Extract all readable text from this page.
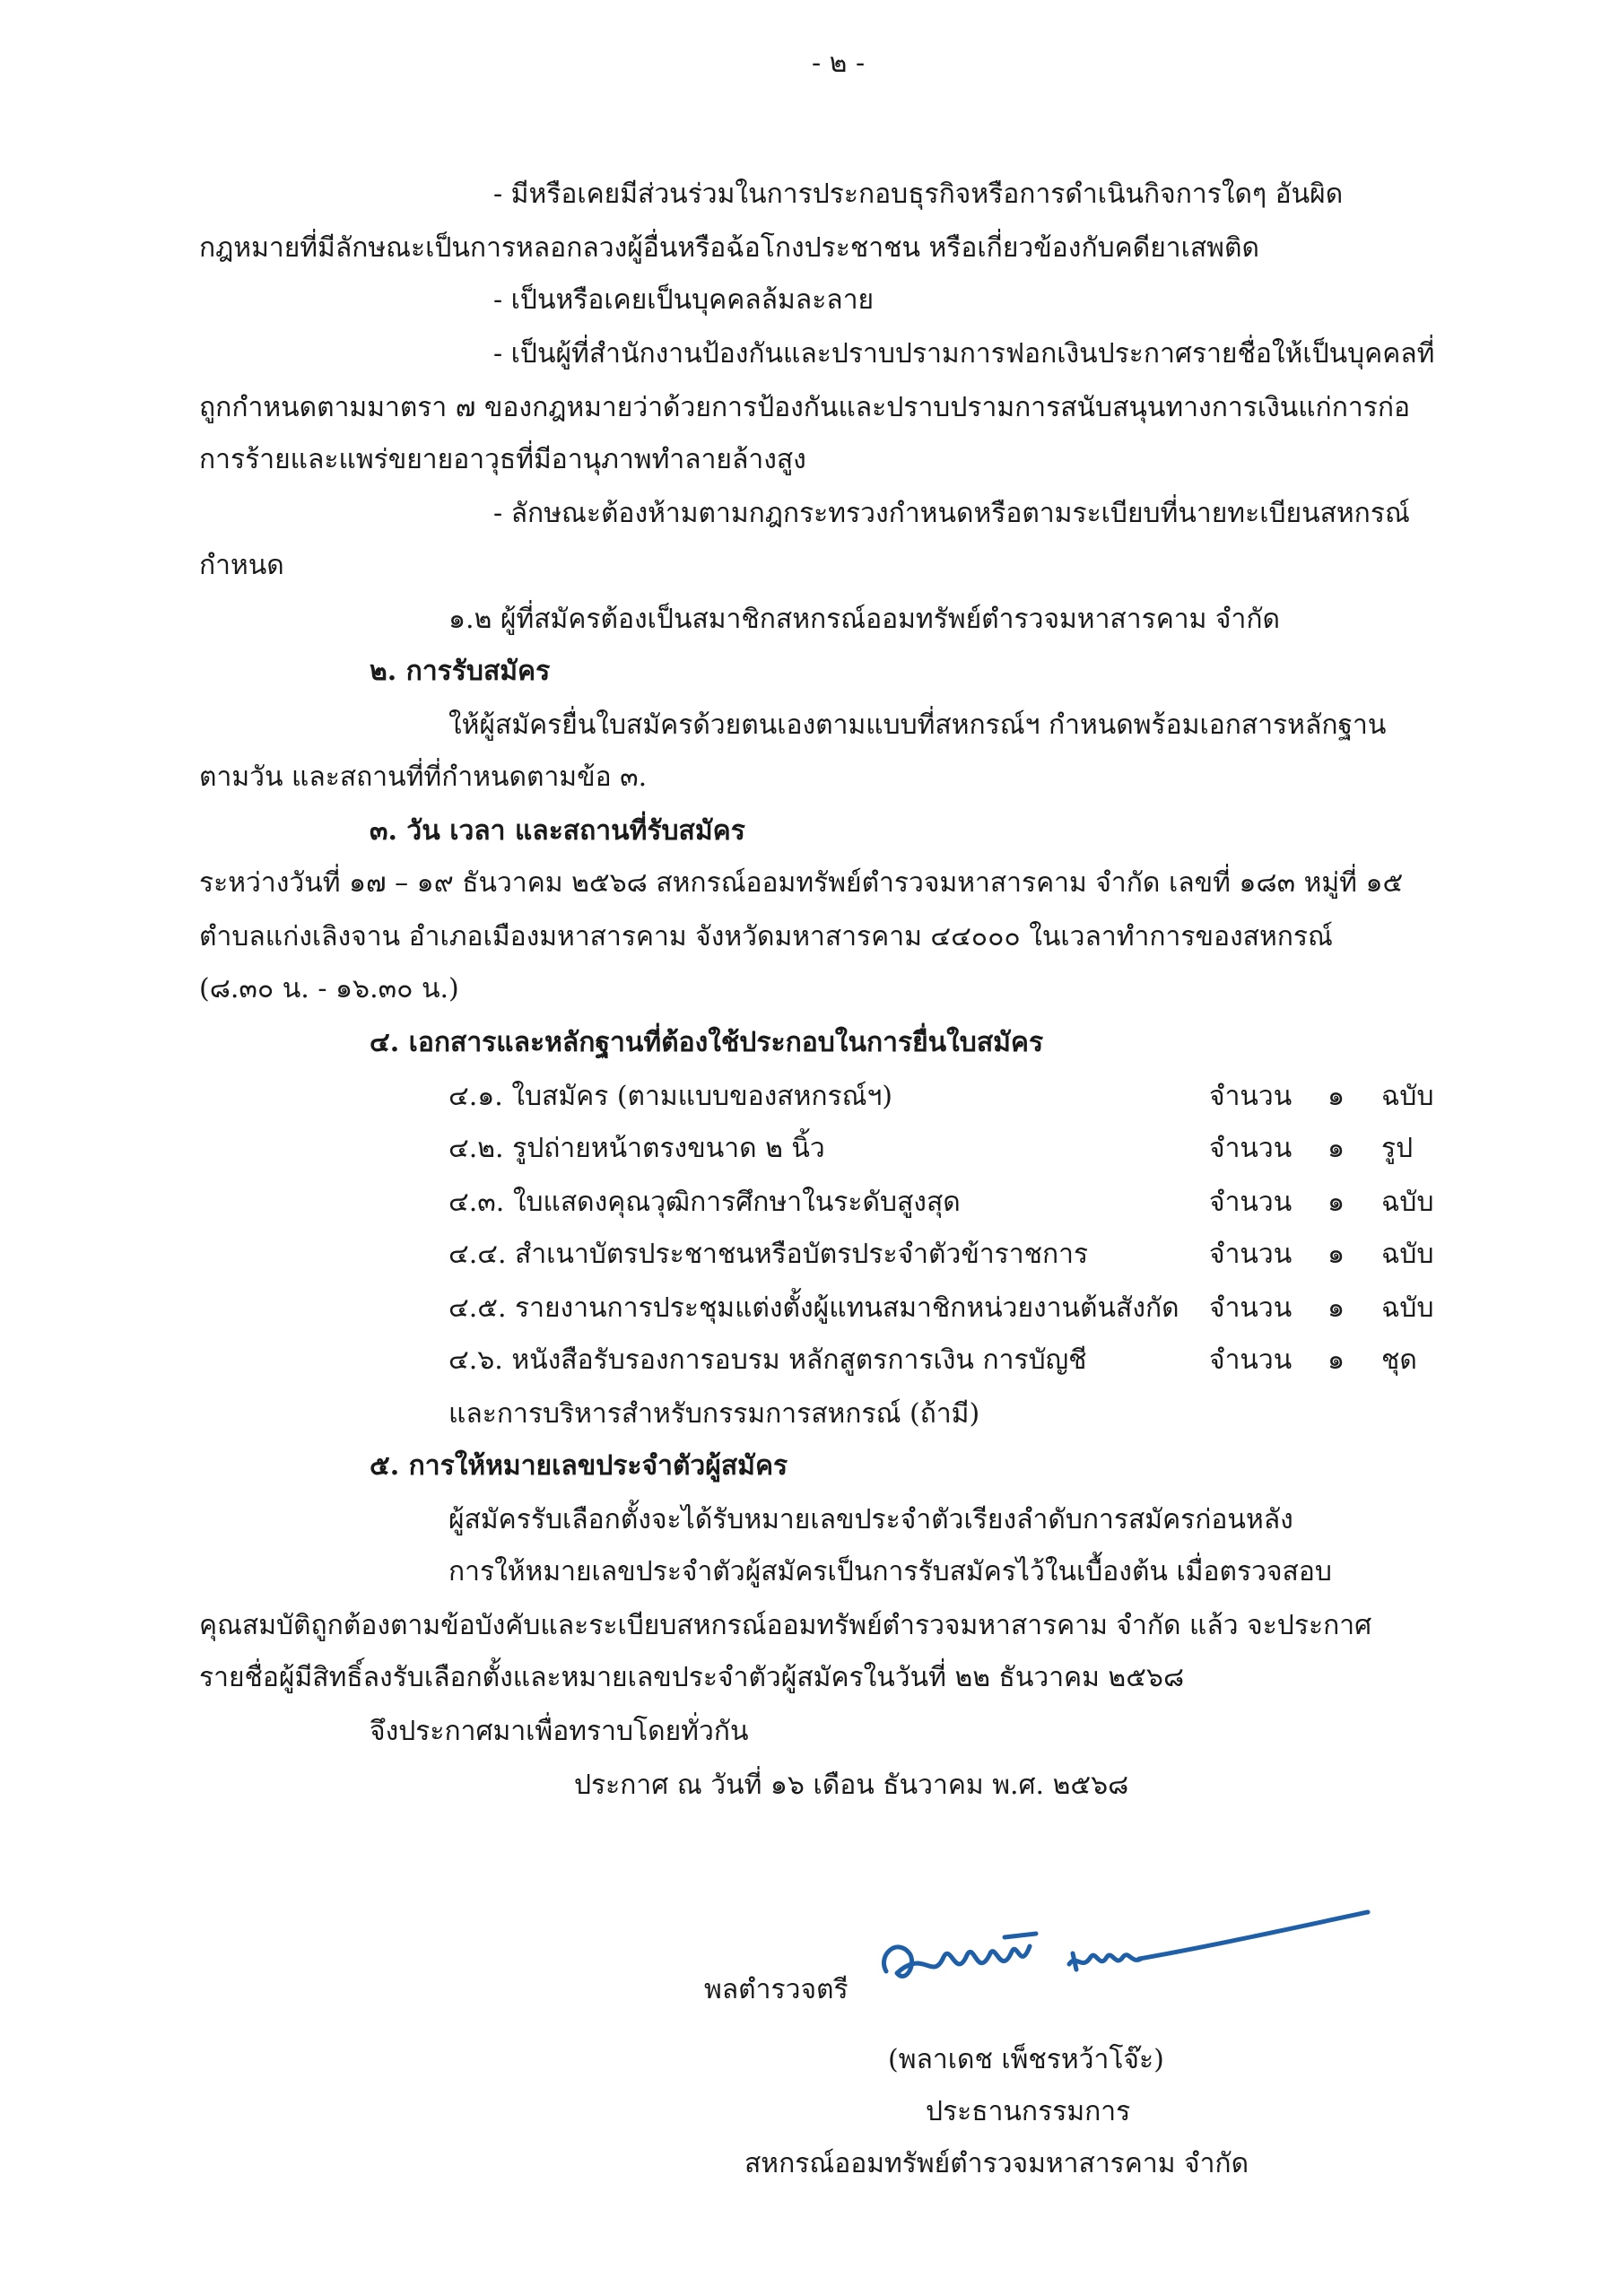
- ๒ -
- มีหรือเคยมีส่วนร่วมในการประกอบธุรกิจหรือการดำเนินกิจการใดๆ อันผิด
กฎหมายที่มีลักษณะเป็นการหลอกลวงผู้อื่นหรือฉ้อโกงประชาชน หรือเกี่ยวข้องกับคดียาเสพติด
- เป็นหรือเคยเป็นบุคคลล้มละลาย
- เป็นผู้ที่สำนักงานป้องกันและปราบปรามการฟอกเงินประกาศรายชื่อให้เป็นบุคคลที่
ถูกกำหนดตามมาตรา ๗ ของกฎหมายว่าด้วยการป้องกันและปราบปรามการสนับสนุนทางการเงินแก่การก่อ
การร้ายและแพร่ขยายอาวุธที่มีอานุภาพทำลายล้างสูง
- ลักษณะต้องห้ามตามกฎกระทรวงกำหนดหรือตามระเบียบที่นายทะเบียนสหกรณ์
กำหนด
๑.๒ ผู้ที่สมัครต้องเป็นสมาชิกสหกรณ์ออมทรัพย์ตำรวจมหาสารคาม จำกัด
๒. การรับสมัคร
ให้ผู้สมัครยื่นใบสมัครด้วยตนเองตามแบบที่สหกรณ์ฯ กำหนดพร้อมเอกสารหลักฐาน
ตามวัน และสถานที่ที่กำหนดตามข้อ ๓.
๓. วัน เวลา และสถานที่รับสมัคร
ระหว่างวันที่ ๑๗ – ๑๙ ธันวาคม ๒๕๖๘ สหกรณ์ออมทรัพย์ตำรวจมหาสารคาม จำกัด เลขที่ ๑๘๓ หมู่ที่ ๑๕
ตำบลแก่งเลิงจาน อำเภอเมืองมหาสารคาม จังหวัดมหาสารคาม ๔๔๐๐๐ ในเวลาทำการของสหกรณ์
(๘.๓๐ น. - ๑๖.๓๐ น.)
๔. เอกสารและหลักฐานที่ต้องใช้ประกอบในการยื่นใบสมัคร
๔.๑. ใบสมัคร (ตามแบบของสหกรณ์ฯ)	จำนวน ๑ ฉบับ
๔.๒. รูปถ่ายหน้าตรงขนาด ๒ นิ้ว	จำนวน ๑ รูป
๔.๓. ใบแสดงคุณวุฒิการศึกษาในระดับสูงสุด	จำนวน ๑ ฉบับ
๔.๔. สำเนาบัตรประชาชนหรือบัตรประจำตัวข้าราชการ	จำนวน ๑ ฉบับ
๔.๕. รายงานการประชุมแต่งตั้งผู้แทนสมาชิกหน่วยงานต้นสังกัด จำนวน ๑ ฉบับ
๔.๖. หนังสือรับรองการอบรม หลักสูตรการเงิน การบัญชี	จำนวน ๑ ชุด
และการบริหารสำหรับกรรมการสหกรณ์ (ถ้ามี)
๕. การให้หมายเลขประจำตัวผู้สมัคร
ผู้สมัครรับเลือกตั้งจะได้รับหมายเลขประจำตัวเรียงลำดับการสมัครก่อนหลัง
การให้หมายเลขประจำตัวผู้สมัครเป็นการรับสมัครไว้ในเบื้องต้น เมื่อตรวจสอบ
คุณสมบัติถูกต้องตามข้อบังคับและระเบียบสหกรณ์ออมทรัพย์ตำรวจมหาสารคาม จำกัด แล้ว จะประกาศ
รายชื่อผู้มีสิทธิ์ลงรับเลือกตั้งและหมายเลขประจำตัวผู้สมัครในวันที่ ๒๒ ธันวาคม ๒๕๖๘
จึงประกาศมาเพื่อทราบโดยทั่วกัน
ประกาศ ณ วันที่ ๑๖ เดือน ธันวาคม พ.ศ. ๒๕๖๘
พลตำรวจตรี
(พลาเดช เพ็ชรหว้าโจ๊ะ)
ประธานกรรมการ
สหกรณ์ออมทรัพย์ตำรวจมหาสารคาม จำกัด
